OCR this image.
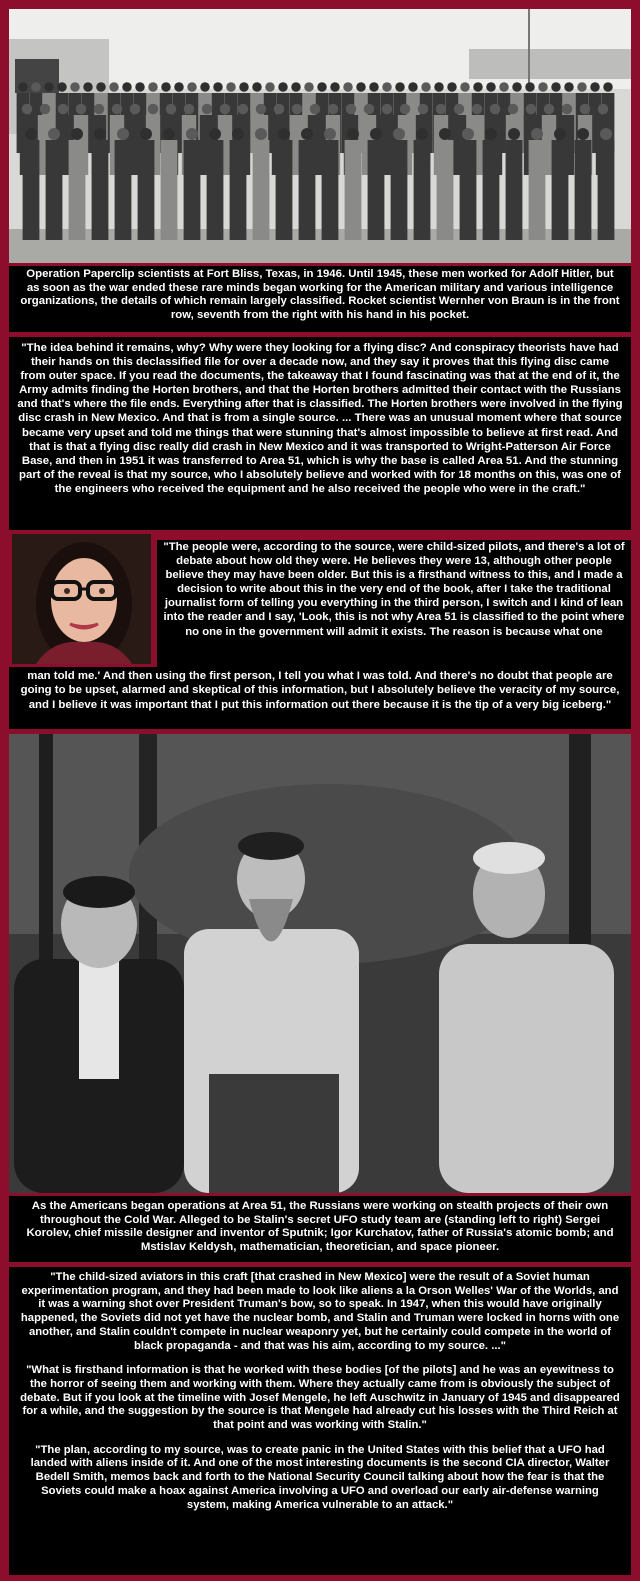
Operation Paperclip scientists at Fort Bliss, Texas, in 1946. Until 1945, these men worked for Adolf Hitler, but as soon as the war ended these rare minds began working for the American military and various intelligence organizations, the details of which remain largely classified. Rocket scientist Wernher von Braun is in the front row, seventh from the right with his hand in his pocket.
"The idea behind it remains, why? Why were they looking for a flying disc? And conspiracy theorists have had their hands on this declassified file for over a decade now, and they say it proves that this flying disc came from outer space. If you read the documents, the takeaway that I found fascinating was that at the end of it, the Army admits finding the Horten brothers, and that the Horten brothers admitted their contact with the Russians and that's where the file ends. Everything after that is classified. The Horten brothers were involved in the flying disc crash in New Mexico. And that is from a single source. ... There was an unusual moment where that source became very upset and told me things that were stunning that's almost impossible to believe at first read. And that is that a flying disc really did crash in New Mexico and it was transported to Wright-Patterson Air Force Base, and then in 1951 it was transferred to Area 51, which is why the base is called Area 51. And the stunning part of the reveal is that my source, who I absolutely believe and worked with for 18 months on this, was one of the engineers who received the equipment and he also received the people who were in the craft."
"The people were, according to the source, were child-sized pilots, and there's a lot of debate about how old they were. He believes they were 13, although other people believe they may have been older. But this is a firsthand witness to this, and I made a decision to write about this in the very end of the book, after I take the traditional journalist form of telling you everything in the third person, I switch and I kind of lean into the reader and I say, 'Look, this is not why Area 51 is classified to the point where no one in the government will admit it exists. The reason is because what one
man told me.' And then using the first person, I tell you what I was told. And there's no doubt that people are going to be upset, alarmed and skeptical of this information, but I absolutely believe the veracity of my source, and I believe it was important that I put this information out there because it is the tip of a very big iceberg."
As the Americans began operations at Area 51, the Russians were working on stealth projects of their own throughout the Cold War. Alleged to be Stalin's secret UFO study team are (standing left to right) Sergei Korolev, chief missile designer and inventor of Sputnik; Igor Kurchatov, father of Russia's atomic bomb; and Mstislav Keldysh, mathematician, theoretician, and space pioneer.

"The child-sized aviators in this craft [that crashed in New Mexico] were the result of a Soviet human experimentation program, and they had been made to look like aliens a la Orson Welles' War of the Worlds, and it was a warning shot over President Truman's bow, so to speak. In 1947, when this would have originally happened, the Soviets did not yet have the nuclear bomb, and Stalin and Truman were locked in horns with one another, and Stalin couldn't compete in nuclear weaponry yet, but he certainly could compete in the world of black propaganda - and that was his aim, according to my source. ..."

"What is firsthand information is that he worked with these bodies [of the pilots] and he was an eyewitness to the horror of seeing them and working with them. Where they actually came from is obviously the subject of debate. But if you look at the timeline with Josef Mengele, he left Auschwitz in January of 1945 and disappeared for a while, and the suggestion by the source is that Mengele had already cut his losses with the Third Reich at that point and was working with Stalin."

"The plan, according to my source, was to create panic in the United States with this belief that a UFO had landed with aliens inside of it. And one of the most interesting documents is the second CIA director, Walter Bedell Smith, memos back and forth to the National Security Council talking about how the fear is that the Soviets could make a hoax against America involving a UFO and overload our early air-defense warning system, making America vulnerable to an attack."
